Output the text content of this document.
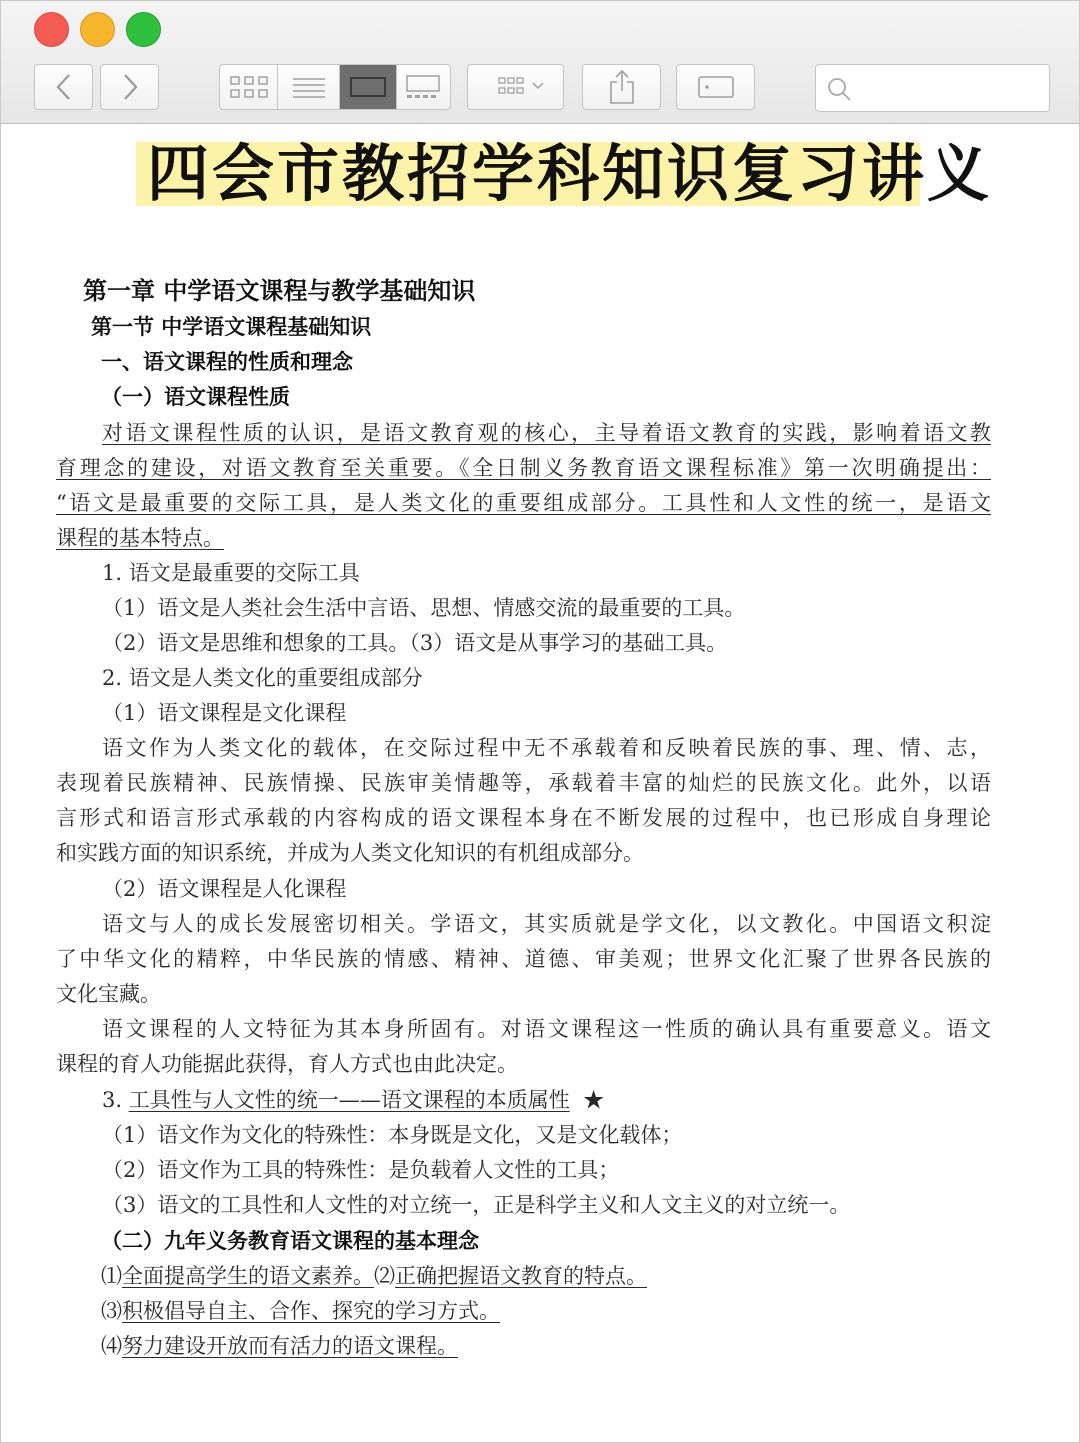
四会市教招学科知识复习讲义
第一章 中学语文课程与教学基础知识
第一节 中学语文课程基础知识
一、语文课程的性质和理念
（一）语文课程性质
对语文课程性质的认识，是语文教育观的核心，主导着语文教育的实践，影响着语文教
育理念的建设，对语文教育至关重要。《全日制义务教育语文课程标准》第一次明确提出：
“语文是最重要的交际工具，是人类文化的重要组成部分。工具性和人文性的统一，是语文
课程的基本特点。
1. 语文是最重要的交际工具
（1）语文是人类社会生活中言语、思想、情感交流的最重要的工具。
（2）语文是思维和想象的工具。（3）语文是从事学习的基础工具。
2. 语文是人类文化的重要组成部分
（1）语文课程是文化课程
语文作为人类文化的载体，在交际过程中无不承载着和反映着民族的事、理、情、志，
表现着民族精神、民族情操、民族审美情趣等，承载着丰富的灿烂的民族文化。此外，以语
言形式和语言形式承载的内容构成的语文课程本身在不断发展的过程中，也已形成自身理论
和实践方面的知识系统，并成为人类文化知识的有机组成部分。
（2）语文课程是人化课程
语文与人的成长发展密切相关。学语文，其实质就是学文化，以文教化。中国语文积淀
了中华文化的精粹，中华民族的情感、精神、道德、审美观；世界文化汇聚了世界各民族的
文化宝藏。
语文课程的人文特征为其本身所固有。对语文课程这一性质的确认具有重要意义。语文
课程的育人功能据此获得，育人方式也由此决定。
3. 工具性与人文性的统一——语文课程的本质属性 ★
（1）语文作为文化的特殊性：本身既是文化，又是文化载体；
（2）语文作为工具的特殊性：是负载着人文性的工具；
（3）语文的工具性和人文性的对立统一，正是科学主义和人文主义的对立统一。
（二）九年义务教育语文课程的基本理念
⑴全面提高学生的语文素养。⑵正确把握语文教育的特点。
⑶积极倡导自主、合作、探究的学习方式。
⑷努力建设开放而有活力的语文课程。
